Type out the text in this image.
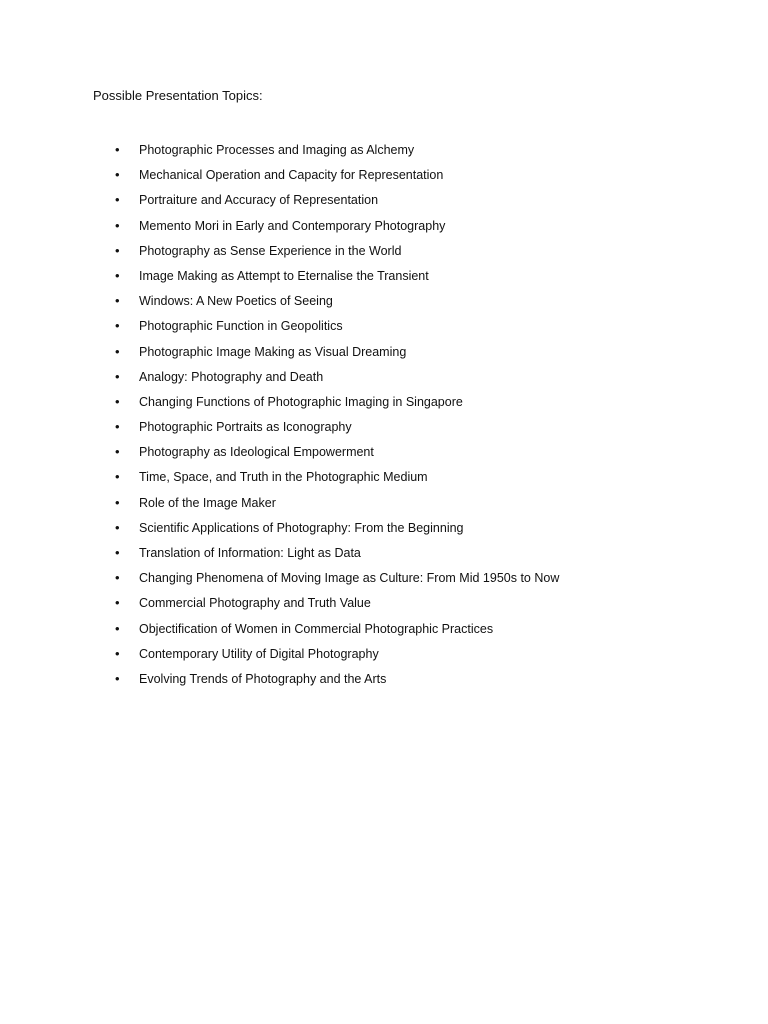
Possible Presentation Topics:
• Photographic Processes and Imaging as Alchemy
• Mechanical Operation and Capacity for Representation
• Portraiture and Accuracy of Representation
• Memento Mori in Early and Contemporary Photography
• Photography as Sense Experience in the World
• Image Making as Attempt to Eternalise the Transient
• Windows: A New Poetics of Seeing
• Photographic Function in Geopolitics
• Photographic Image Making as Visual Dreaming
• Analogy: Photography and Death
• Changing Functions of Photographic Imaging in Singapore
• Photographic Portraits as Iconography
• Photography as Ideological Empowerment
• Time, Space, and Truth in the Photographic Medium
• Role of the Image Maker
• Scientific Applications of Photography: From the Beginning
• Translation of Information: Light as Data
• Changing Phenomena of Moving Image as Culture: From Mid 1950s to Now
• Commercial Photography and Truth Value
• Objectification of Women in Commercial Photographic Practices
• Contemporary Utility of Digital Photography
• Evolving Trends of Photography and the Arts
